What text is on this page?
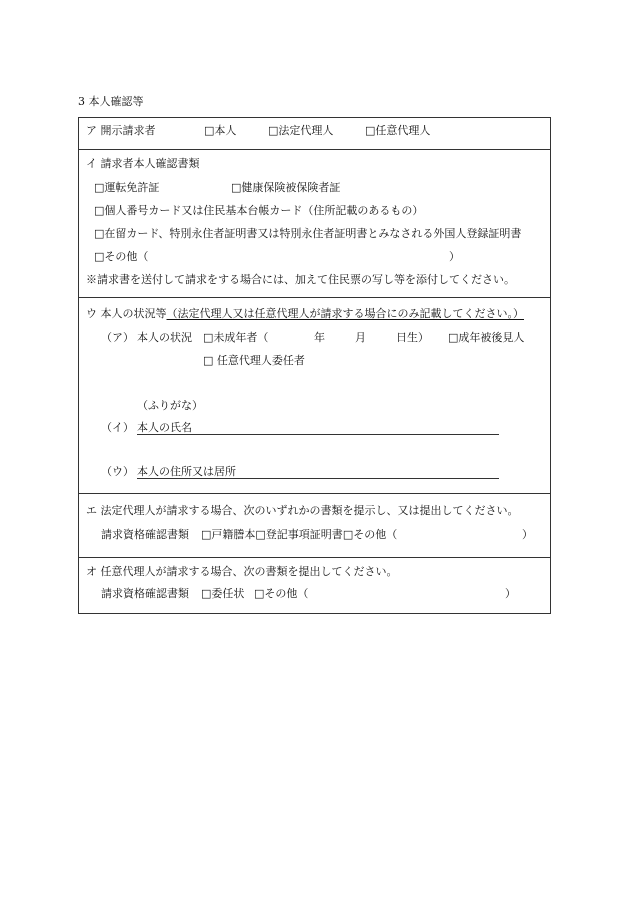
3 本人確認等
ア 開示請求者	□本人	□法定代理人	□任意代理人
イ 請求者本人確認書類
□運転免許証	□健康保険被保険者証
□個人番号カード又は住民基本台帳カード（住所記載のあるもの）
□在留カード、特別永住者証明書又は特別永住者証明書とみなされる外国人登録証明書
□その他（	）
※請求書を送付して請求をする場合には、加えて住民票の写し等を添付してください。
ウ 本人の状況等（法定代理人又は任意代理人が請求する場合にのみ記載してください。）
（ア） 本人の状況 □未成年者（	年	月	日生） □成年被後見人
□ 任意代理人委任者
（ふりがな）
（イ） 本人の氏名
（ウ） 本人の住所又は居所
エ 法定代理人が請求する場合、次のいずれかの書類を提示し、又は提出してください。
請求資格確認書類 □戸籍謄本□登記事項証明書□その他（	）
オ 任意代理人が請求する場合、次の書類を提出してください。
請求資格確認書類 □委任状 □その他（	）
